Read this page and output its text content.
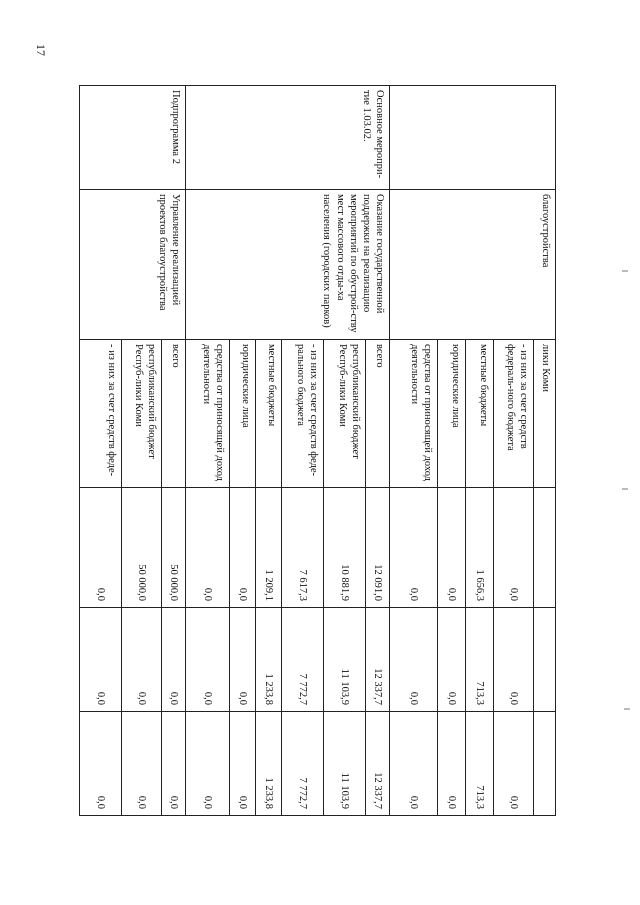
17
	благоустройства	лики Коми			
		- из них за счет средств федераль-ного бюджета	0,0	0,0	0,0
		местные бюджеты	1 656,3	713,3	713,3
		юридические лица	0,0	0,0	0,0
		средства от приносящей доход деятельности	0,0	0,0	0,0
Основное меропри-тие 1.03.02.	Оказание государственной поддержки на реализацию мероприятий по обустрой-ству мест массового отды-ха населения (городских парков)	всего	12 091,0	12 337,7	12 337,7
		республиканский бюджет Респуб-лики Коми	10 881,9	11 103,9	11 103,9
		- из них за счет средств феде-рального бюджета	7 617,3	7 772,7	7 772,7
		местные бюджеты	1 209,1	1 233,8	1 233,8
		юридические лица	0,0	0,0	0,0
		средства от приносящей доход деятельности	0,0	0,0	0,0
Подпрограмма 2	Управление реализацией проектов благоустройства	всего	50 000,0	0,0	0,0
		республиканский бюджет Респуб-лики Коми	50 000,0	0,0	0,0
		- из них за счет средств феде-	0,0	0,0	0,0
